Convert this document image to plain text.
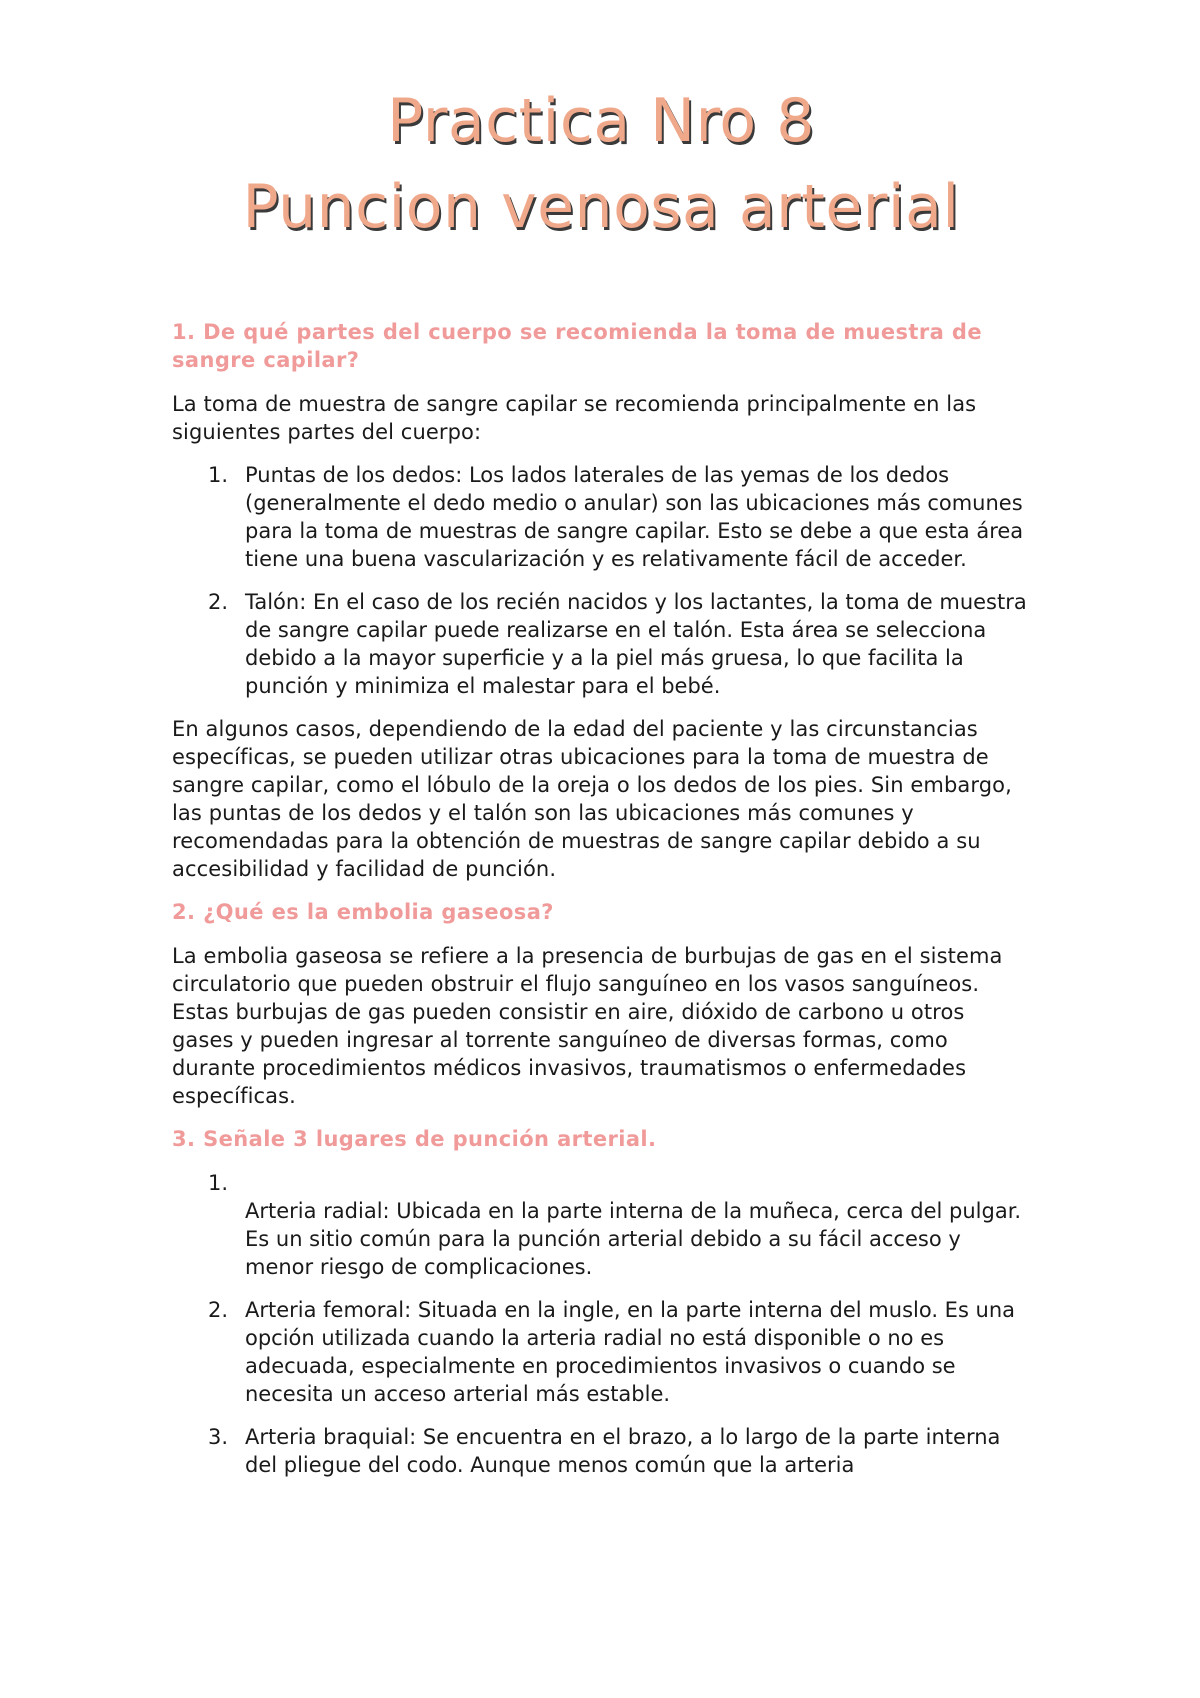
Practica Nro 8
Puncion venosa arterial
1. De qué partes del cuerpo se recomienda la toma de muestra de sangre capilar?

La toma de muestra de sangre capilar se recomienda principalmente en las siguientes partes del cuerpo:

1. Puntas de los dedos: Los lados laterales de las yemas de los dedos (generalmente el dedo medio o anular) son las ubicaciones más comunes para la toma de muestras de sangre capilar. Esto se debe a que esta área tiene una buena vascularización y es relativamente fácil de acceder.
2. Talón: En el caso de los recién nacidos y los lactantes, la toma de muestra de sangre capilar puede realizarse en el talón. Esta área se selecciona debido a la mayor superficie y a la piel más gruesa, lo que facilita la punción y minimiza el malestar para el bebé.

En algunos casos, dependiendo de la edad del paciente y las circunstancias específicas, se pueden utilizar otras ubicaciones para la toma de muestra de sangre capilar, como el lóbulo de la oreja o los dedos de los pies. Sin embargo, las puntas de los dedos y el talón son las ubicaciones más comunes y recomendadas para la obtención de muestras de sangre capilar debido a su accesibilidad y facilidad de punción.

2. ¿Qué es la embolia gaseosa?

La embolia gaseosa se refiere a la presencia de burbujas de gas en el sistema circulatorio que pueden obstruir el flujo sanguíneo en los vasos sanguíneos. Estas burbujas de gas pueden consistir en aire, dióxido de carbono u otros gases y pueden ingresar al torrente sanguíneo de diversas formas, como durante procedimientos médicos invasivos, traumatismos o enfermedades específicas.

3. Señale 3 lugares de punción arterial.
1.
Arteria radial: Ubicada en la parte interna de la muñeca, cerca del pulgar. Es un sitio común para la punción arterial debido a su fácil acceso y menor riesgo de complicaciones.
2. Arteria femoral: Situada en la ingle, en la parte interna del muslo. Es una opción utilizada cuando la arteria radial no está disponible o no es adecuada, especialmente en procedimientos invasivos o cuando se necesita un acceso arterial más estable.
3. Arteria braquial: Se encuentra en el brazo, a lo largo de la parte interna del pliegue del codo. Aunque menos común que la arteria
